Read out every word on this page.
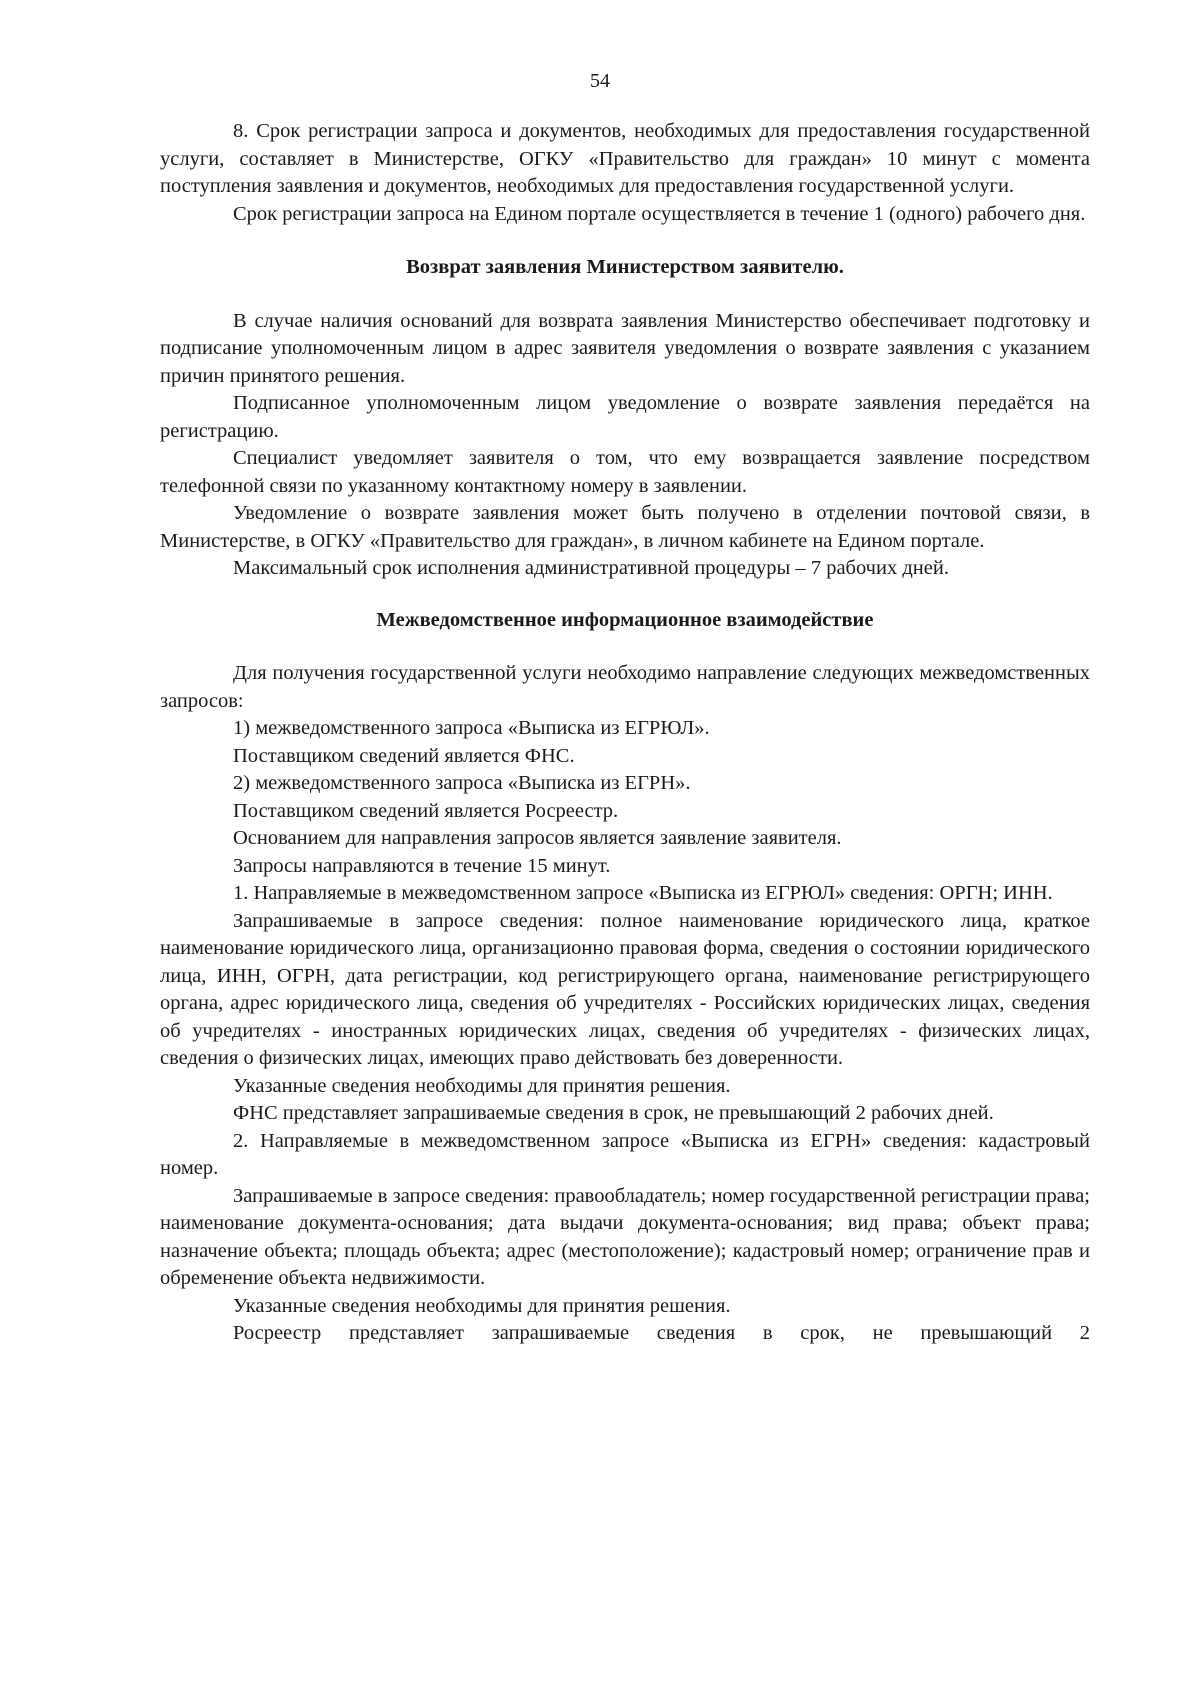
54

8. Срок регистрации запроса и документов, необходимых для предоставления государственной услуги, составляет в Министерстве, ОГКУ «Правительство для граждан» 10 минут с момента поступления заявления и документов, необходимых для предоставления государственной услуги.

Срок регистрации запроса на Едином портале осуществляется в течение 1 (одного) рабочего дня.

Возврат заявления Министерством заявителю.

В случае наличия оснований для возврата заявления Министерство обеспечивает подготовку и подписание уполномоченным лицом в адрес заявителя уведомления о возврате заявления с указанием причин принятого решения.

Подписанное уполномоченным лицом уведомление о возврате заявления передаётся на регистрацию.

Специалист уведомляет заявителя о том, что ему возвращается заявление посредством телефонной связи по указанному контактному номеру в заявлении.

Уведомление о возврате заявления может быть получено в отделении почтовой связи, в Министерстве, в ОГКУ «Правительство для граждан», в личном кабинете на Едином портале.

Максимальный срок исполнения административной процедуры – 7 рабочих дней.

Межведомственное информационное взаимодействие

Для получения государственной услуги необходимо направление следующих межведомственных запросов:

1) межведомственного запроса «Выписка из ЕГРЮЛ».

Поставщиком сведений является ФНС.

2) межведомственного запроса «Выписка из ЕГРН».

Поставщиком сведений является Росреестр.

Основанием для направления запросов является заявление заявителя.

Запросы направляются в течение 15 минут.

1. Направляемые в межведомственном запросе «Выписка из ЕГРЮЛ» сведения: ОРГН; ИНН.

Запрашиваемые в запросе сведения: полное наименование юридического лица, краткое наименование юридического лица, организационно правовая форма, сведения о состоянии юридического лица, ИНН, ОГРН, дата регистрации, код регистрирующего органа, наименование регистрирующего органа, адрес юридического лица, сведения об учредителях - Российских юридических лицах, сведения об учредителях - иностранных юридических лицах, сведения об учредителях - физических лицах, сведения о физических лицах, имеющих право действовать без доверенности.

Указанные сведения необходимы для принятия решения.

ФНС представляет запрашиваемые сведения в срок, не превышающий 2 рабочих дней.

2. Направляемые в межведомственном запросе «Выписка из ЕГРН» сведения: кадастровый номер.

Запрашиваемые в запросе сведения: правообладатель; номер государственной регистрации права; наименование документа-основания; дата выдачи документа-основания; вид права; объект права; назначение объекта; площадь объекта; адрес (местоположение); кадастровый номер; ограничение прав и обременение объекта недвижимости.

Указанные сведения необходимы для принятия решения.

Росреестр представляет запрашиваемые сведения в срок, не превышающий 2
